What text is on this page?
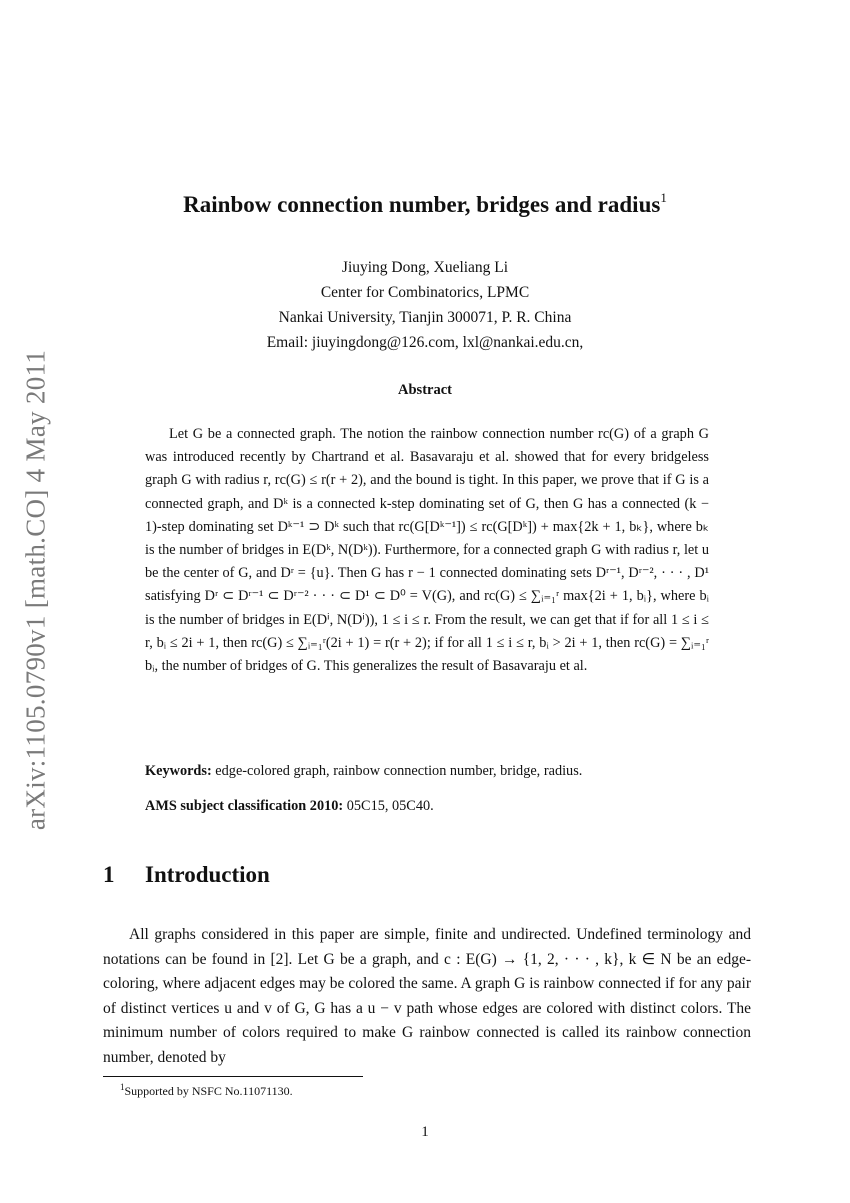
arXiv:1105.0790v1 [math.CO] 4 May 2011
Rainbow connection number, bridges and radius$^1$
Jiuying Dong, Xueliang Li
Center for Combinatorics, LPMC
Nankai University, Tianjin 300071, P. R. China
Email: jiuyingdong@126.com, lxl@nankai.edu.cn,
Abstract
Let G be a connected graph. The notion the rainbow connection number rc(G) of a graph G was introduced recently by Chartrand et al. Basavaraju et al. showed that for every bridgeless graph G with radius r, rc(G) ≤ r(r + 2), and the bound is tight. In this paper, we prove that if G is a connected graph, and Dᵏ is a connected k-step dominating set of G, then G has a connected (k − 1)-step dominating set Dᵏ⁻¹ ⊃ Dᵏ such that rc(G[Dᵏ⁻¹]) ≤ rc(G[Dᵏ]) + max{2k + 1, bₖ}, where bₖ is the number of bridges in E(Dᵏ, N(Dᵏ)). Furthermore, for a connected graph G with radius r, let u be the center of G, and Dʳ = {u}. Then G has r − 1 connected dominating sets Dʳ⁻¹, Dʳ⁻², · · · , D¹ satisfying Dʳ ⊂ Dʳ⁻¹ ⊂ Dʳ⁻² · · · ⊂ D¹ ⊂ D⁰ = V(G), and rc(G) ≤ ∑ᵢ₌₁ʳ max{2i + 1, bᵢ}, where bᵢ is the number of bridges in E(Dⁱ, N(Dⁱ)), 1 ≤ i ≤ r. From the result, we can get that if for all 1 ≤ i ≤ r, bᵢ ≤ 2i + 1, then rc(G) ≤ ∑ᵢ₌₁ʳ(2i + 1) = r(r + 2); if for all 1 ≤ i ≤ r, bᵢ > 2i + 1, then rc(G) = ∑ᵢ₌₁ʳ bᵢ, the number of bridges of G. This generalizes the result of Basavaraju et al.
Keywords: edge-colored graph, rainbow connection number, bridge, radius.
AMS subject classification 2010: 05C15, 05C40.
1 Introduction
All graphs considered in this paper are simple, finite and undirected. Undefined terminology and notations can be found in [2]. Let G be a graph, and c : E(G) → {1, 2, · · · , k}, k ∈ N be an edge-coloring, where adjacent edges may be colored the same. A graph G is rainbow connected if for any pair of distinct vertices u and v of G, G has a u − v path whose edges are colored with distinct colors. The minimum number of colors required to make G rainbow connected is called its rainbow connection number, denoted by
$^1$Supported by NSFC No.11071130.
1
